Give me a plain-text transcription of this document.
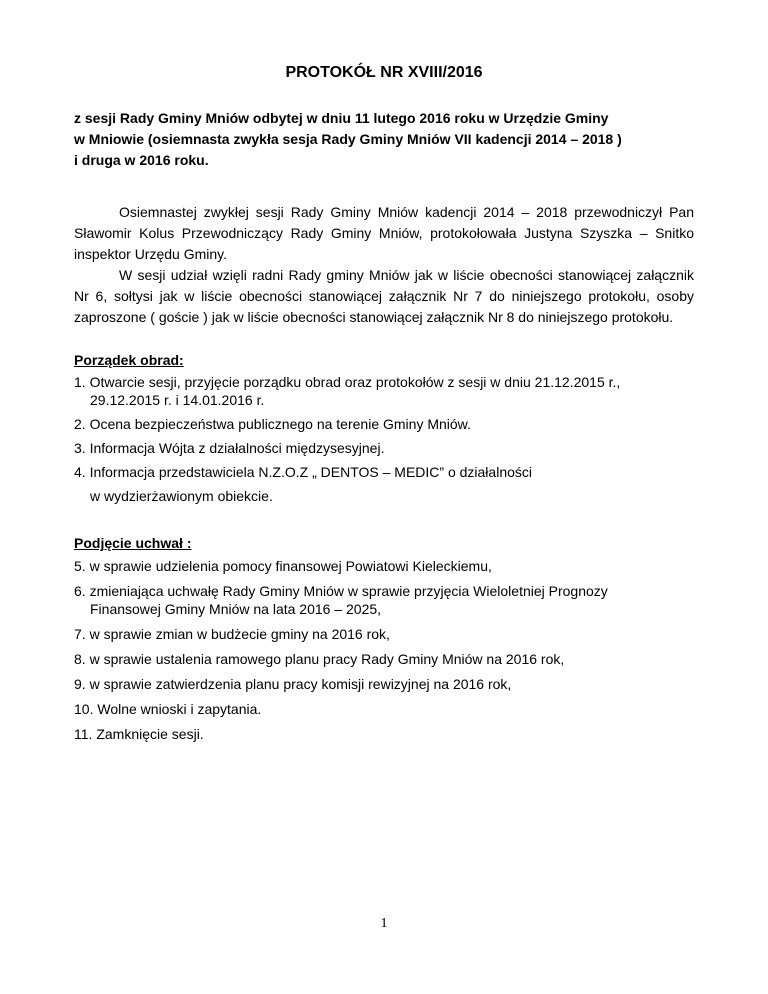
PROTOKÓŁ NR XVIII/2016
z sesji Rady Gminy Mniów odbytej w dniu 11 lutego 2016 roku w Urzędzie Gminy
w Mniowie (osiemnasta zwykła sesja Rady Gminy Mniów VII kadencji 2014 – 2018 )
i druga w 2016 roku.

Osiemnastej zwykłej sesji Rady Gminy Mniów kadencji 2014 – 2018 przewodniczył Pan Sławomir Kolus Przewodniczący Rady Gminy Mniów, protokołowała Justyna Szyszka – Snitko inspektor Urzędu Gminy.

W sesji udział wzięli radni Rady gminy Mniów jak w liście obecności stanowiącej załącznik Nr 6, sołtysi jak w liście obecności stanowiącej załącznik Nr 7 do niniejszego protokołu, osoby zaproszone ( goście ) jak w liście obecności stanowiącej załącznik Nr 8 do niniejszego protokołu.

Porządek obrad:
1. Otwarcie sesji, przyjęcie porządku obrad oraz protokołów z sesji w dniu 21.12.2015 r.,
29.12.2015 r. i 14.01.2016 r.
2. Ocena bezpieczeństwa publicznego na terenie Gminy Mniów.
3. Informacja Wójta z działalności międzysesyjnej.
4. Informacja przedstawiciela N.Z.O.Z „ DENTOS – MEDIC” o działalności
w wydzierżawionym obiekcie.
Podjęcie uchwał :
5. w sprawie udzielenia pomocy finansowej Powiatowi Kieleckiemu,
6. zmieniająca uchwałę Rady Gminy Mniów w sprawie przyjęcia Wieloletniej Prognozy
Finansowej Gminy Mniów na lata 2016 – 2025,
7. w sprawie zmian w budżecie gminy na 2016 rok,
8. w sprawie ustalenia ramowego planu pracy Rady Gminy Mniów na 2016 rok,
9. w sprawie zatwierdzenia planu pracy komisji rewizyjnej na 2016 rok,
10. Wolne wnioski i zapytania.
11. Zamknięcie sesji.
1
